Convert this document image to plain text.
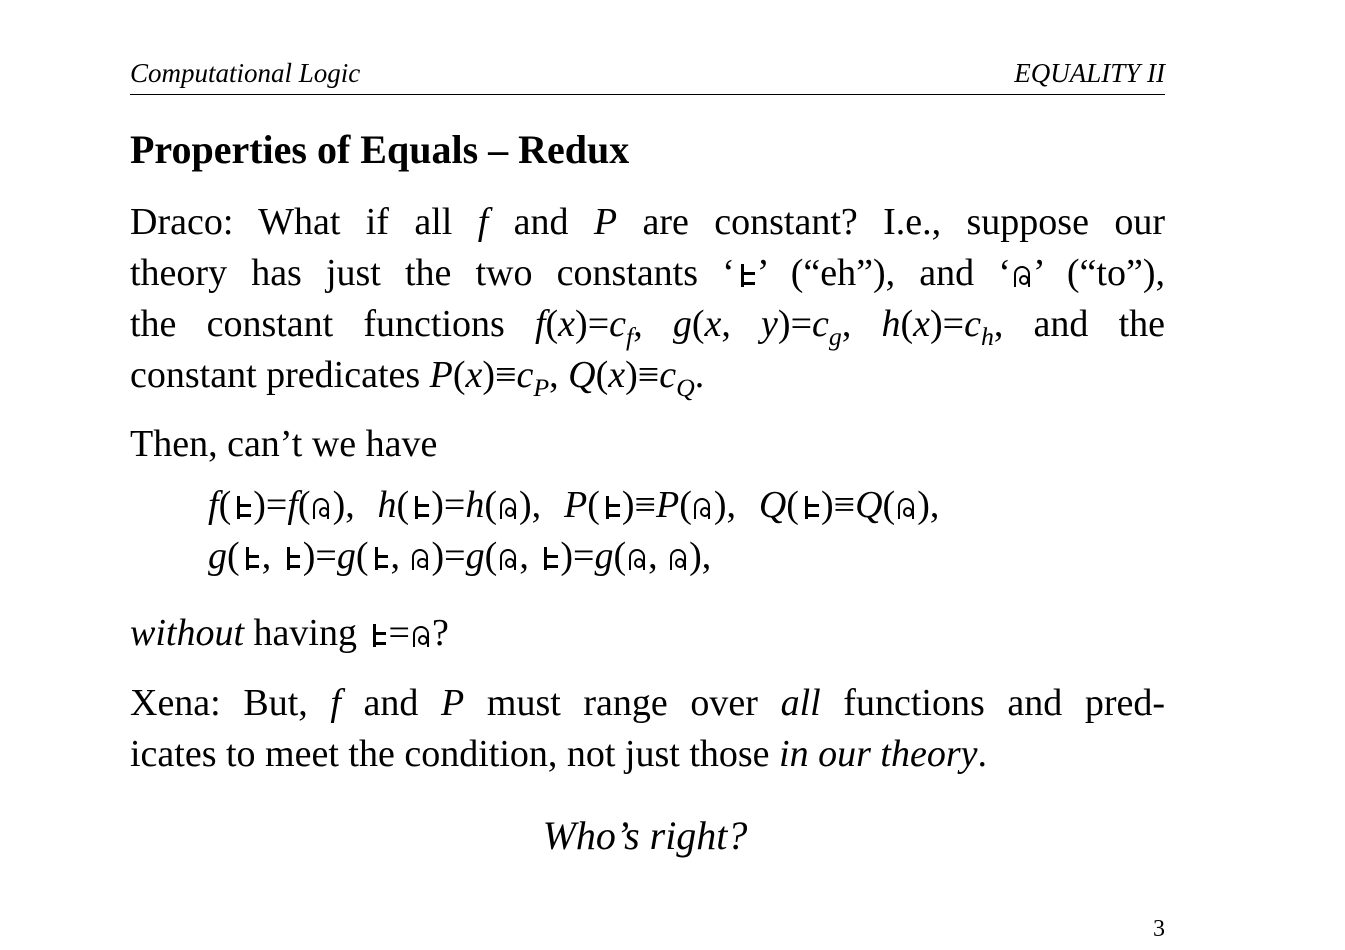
Computational Logic	EQUALITY II
Properties of Equals – Redux
Draco: What if all f and P are constant? I.e., suppose our
theory has just the two constants ‘ ’ (“eh”), and ‘ ’ (“to”),
the constant functions $f(x)=c_f$, g(x, $y)=c_g$, $h(x)=c_h$, and the
constant predicates $P(x)\equiv c_P$, $Q(x)\equiv c_Q$.
Then, can’t we have
f( )=f( ), h( )=h( ), P( )≡P( ), Q( )≡Q( ),
g( , )=g( , )=g( , )=g( , ),
without having = ?
Xena: But, f and P must range over all functions and pred-
icates to meet the condition, not just those in our theory.
Who’s right?
3
